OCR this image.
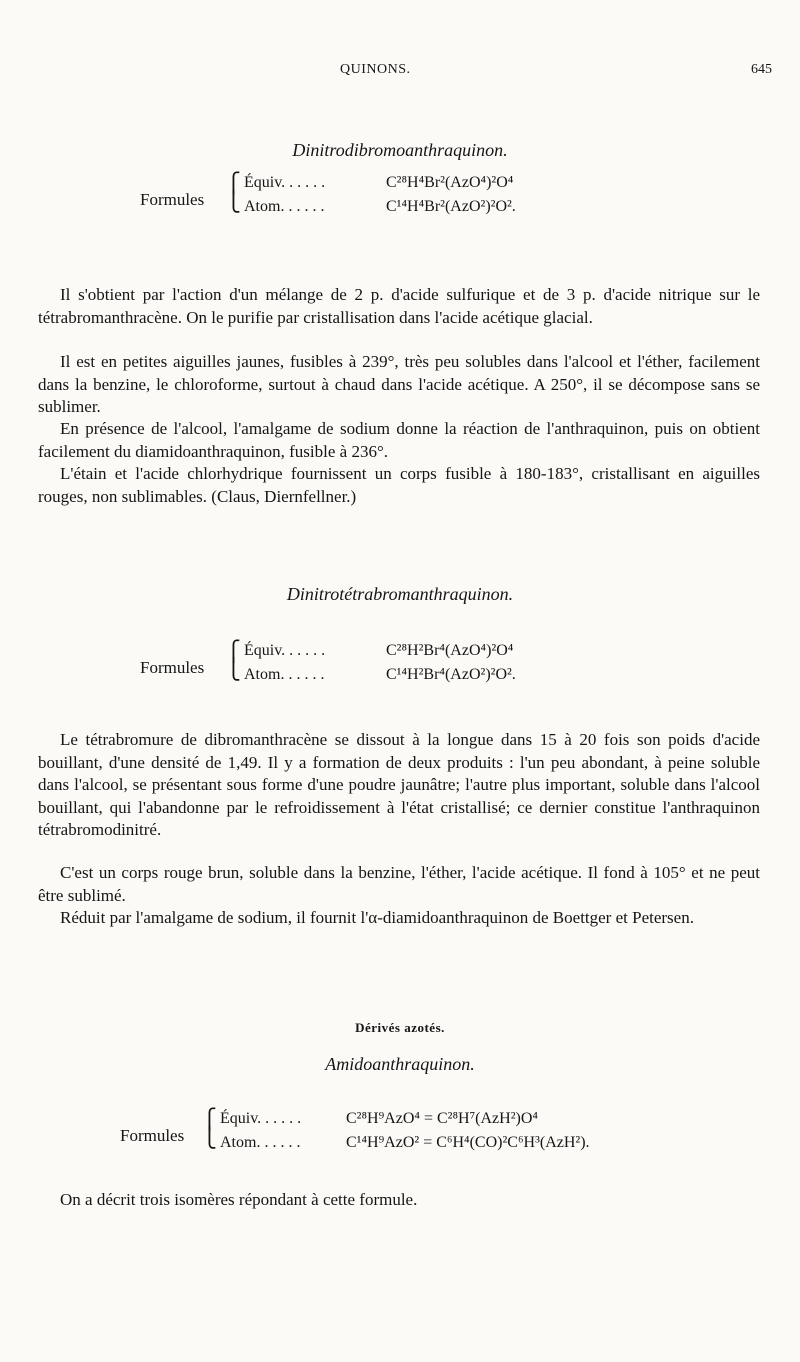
QUINONS.	645
Dinitrodibromoanthraquinon.
Formules
⎧
⎩
Équiv. . . . . .	C²⁸H⁴Br²(AzO⁴)²O⁴
Atom. . . . . .	C¹⁴H⁴Br²(AzO²)²O².

Il s'obtient par l'action d'un mélange de 2 p. d'acide sulfurique et de 3 p. d'acide nitrique sur le tétrabromanthracène. On le purifie par cristallisation dans l'acide acétique glacial.

Il est en petites aiguilles jaunes, fusibles à 239°, très peu solubles dans l'alcool et l'éther, facilement dans la benzine, le chloroforme, surtout à chaud dans l'acide acétique. A 250°, il se décompose sans se sublimer.

En présence de l'alcool, l'amalgame de sodium donne la réaction de l'anthraquinon, puis on obtient facilement du diamidoanthraquinon, fusible à 236°.

L'étain et l'acide chlorhydrique fournissent un corps fusible à 180-183°, cristallisant en aiguilles rouges, non sublimables. (Claus, Diernfellner.)

Dinitrotétrabromanthraquinon.
Formules
⎧
⎩
Équiv. . . . . .	C²⁸H²Br⁴(AzO⁴)²O⁴
Atom. . . . . .	C¹⁴H²Br⁴(AzO²)²O².

Le tétrabromure de dibromanthracène se dissout à la longue dans 15 à 20 fois son poids d'acide bouillant, d'une densité de 1,49. Il y a formation de deux produits : l'un peu abondant, à peine soluble dans l'alcool, se présentant sous forme d'une poudre jaunâtre; l'autre plus important, soluble dans l'alcool bouillant, qui l'abandonne par le refroidissement à l'état cristallisé; ce dernier constitue l'anthraquinon tétrabromodinitré.

C'est un corps rouge brun, soluble dans la benzine, l'éther, l'acide acétique. Il fond à 105° et ne peut être sublimé.

Réduit par l'amalgame de sodium, il fournit l'α-diamidoanthraquinon de Boettger et Petersen.

Dérivés azotés.
Amidoanthraquinon.
Formules
⎧
⎩
Équiv. . . . . .	C²⁸H⁹AzO⁴ = C²⁸H⁷(AzH²)O⁴
Atom. . . . . .	C¹⁴H⁹AzO² = C⁶H⁴(CO)²C⁶H³(AzH²).

On a décrit trois isomères répondant à cette formule.
